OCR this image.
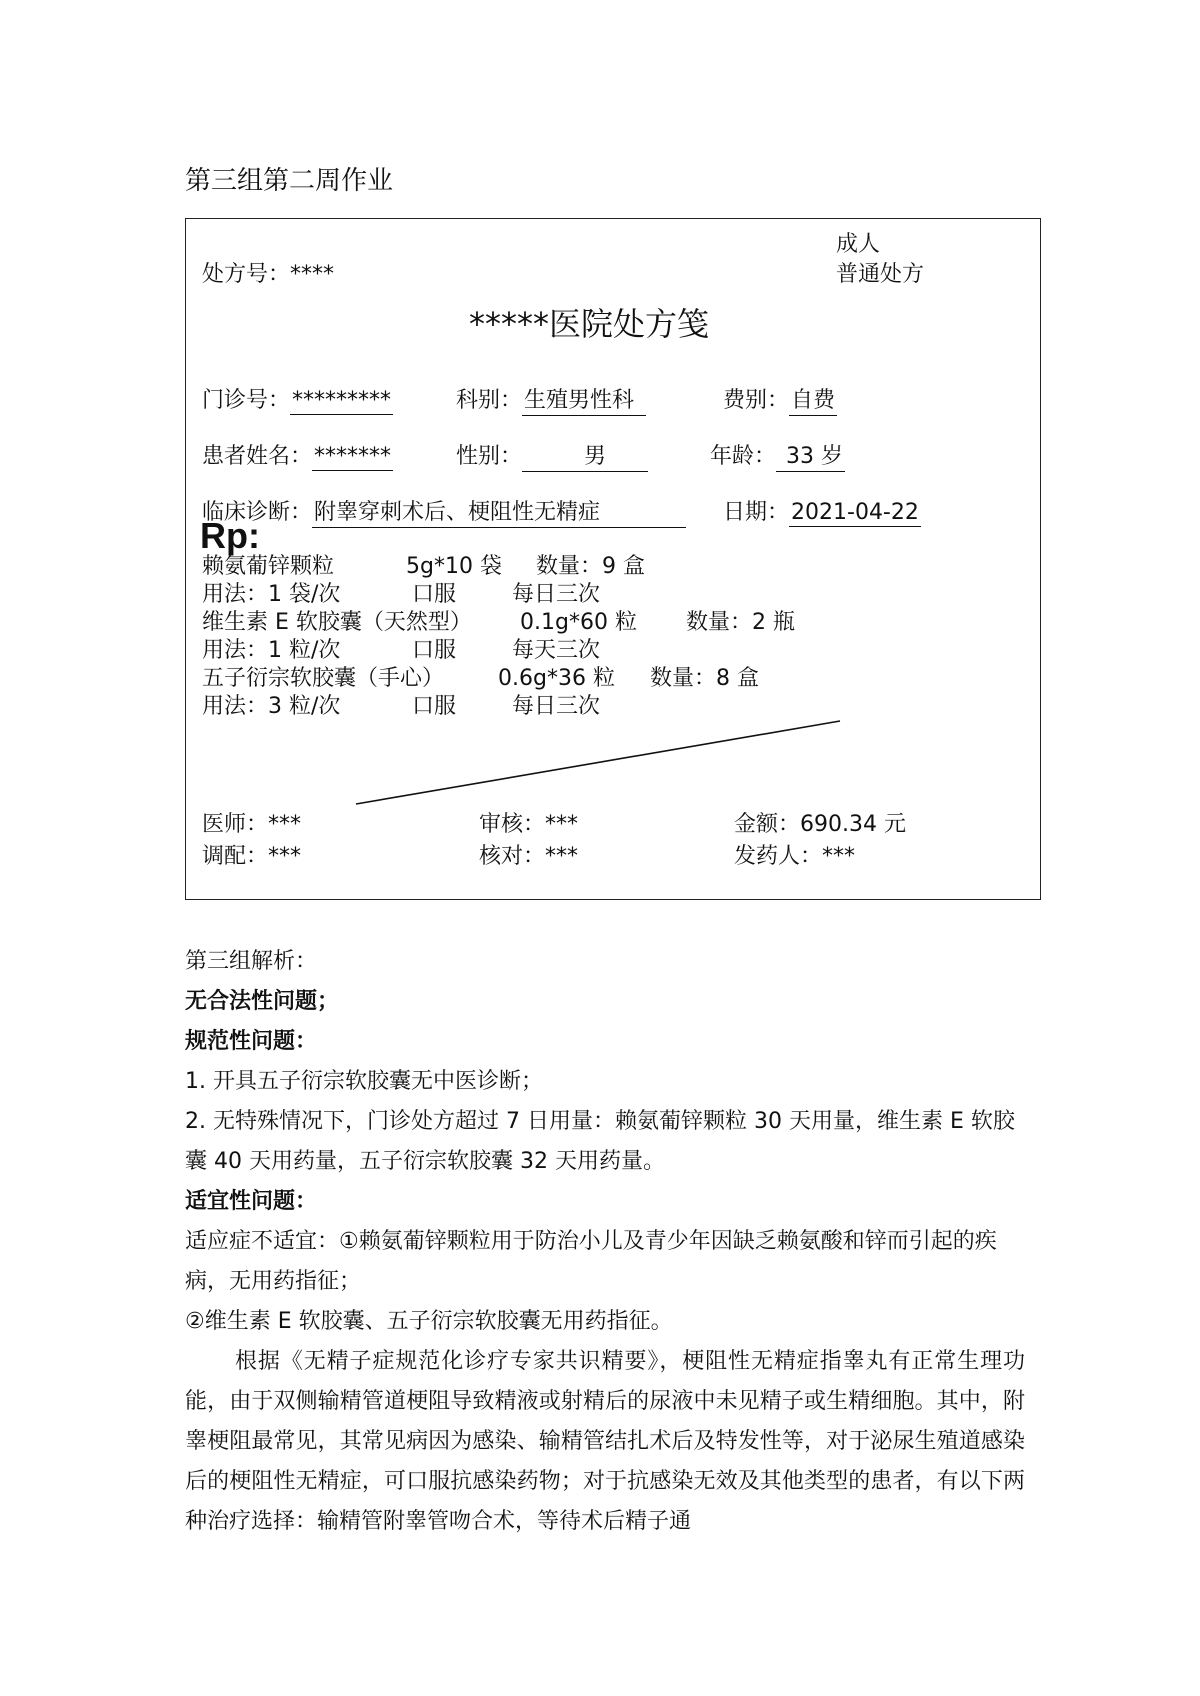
第三组第二周作业
成人
普通处方
处方号：****
*****医院处方笺
门诊号：*********	科别：生殖男性科	费别：自费
患者姓名：*******	性别：	男	年龄： 33 岁
临床诊断：附睾穿刺术后、梗阻性无精症	日期：2021-04-22
Rp:
赖氨葡锌颗粒	5g*10 袋 数量：9 盒
用法：1 袋/次	口服	每日三次
维生素 E 软胶囊（天然型） 0.1g*60 粒 数量：2 瓶
用法：1 粒/次	口服	每天三次
五子衍宗软胶囊（手心） 0.6g*36 粒 数量：8 盒
用法：3 粒/次	口服	每日三次
医师：***	审核：***	金额：690.34 元
调配：***	核对：***	发药人：***
第三组解析：
无合法性问题；
规范性问题：
1. 开具五子衍宗软胶囊无中医诊断；
2. 无特殊情况下，门诊处方超过 7 日用量：赖氨葡锌颗粒 30 天用量，维生素 E 软胶囊 40 天用药量，五子衍宗软胶囊 32 天用药量。
适宜性问题：
适应症不适宜：①赖氨葡锌颗粒用于防治小儿及青少年因缺乏赖氨酸和锌而引起的疾病，无用药指征；
②维生素 E 软胶囊、五子衍宗软胶囊无用药指征。
根据《无精子症规范化诊疗专家共识精要》，梗阻性无精症指睾丸有正常生理功能，由于双侧输精管道梗阻导致精液或射精后的尿液中未见精子或生精细胞。其中，附睾梗阻最常见，其常见病因为感染、输精管结扎术后及特发性等，对于泌尿生殖道感染后的梗阻性无精症，可口服抗感染药物；对于抗感染无效及其他类型的患者，有以下两种治疗选择：输精管附睾管吻合术，等待术后精子通
